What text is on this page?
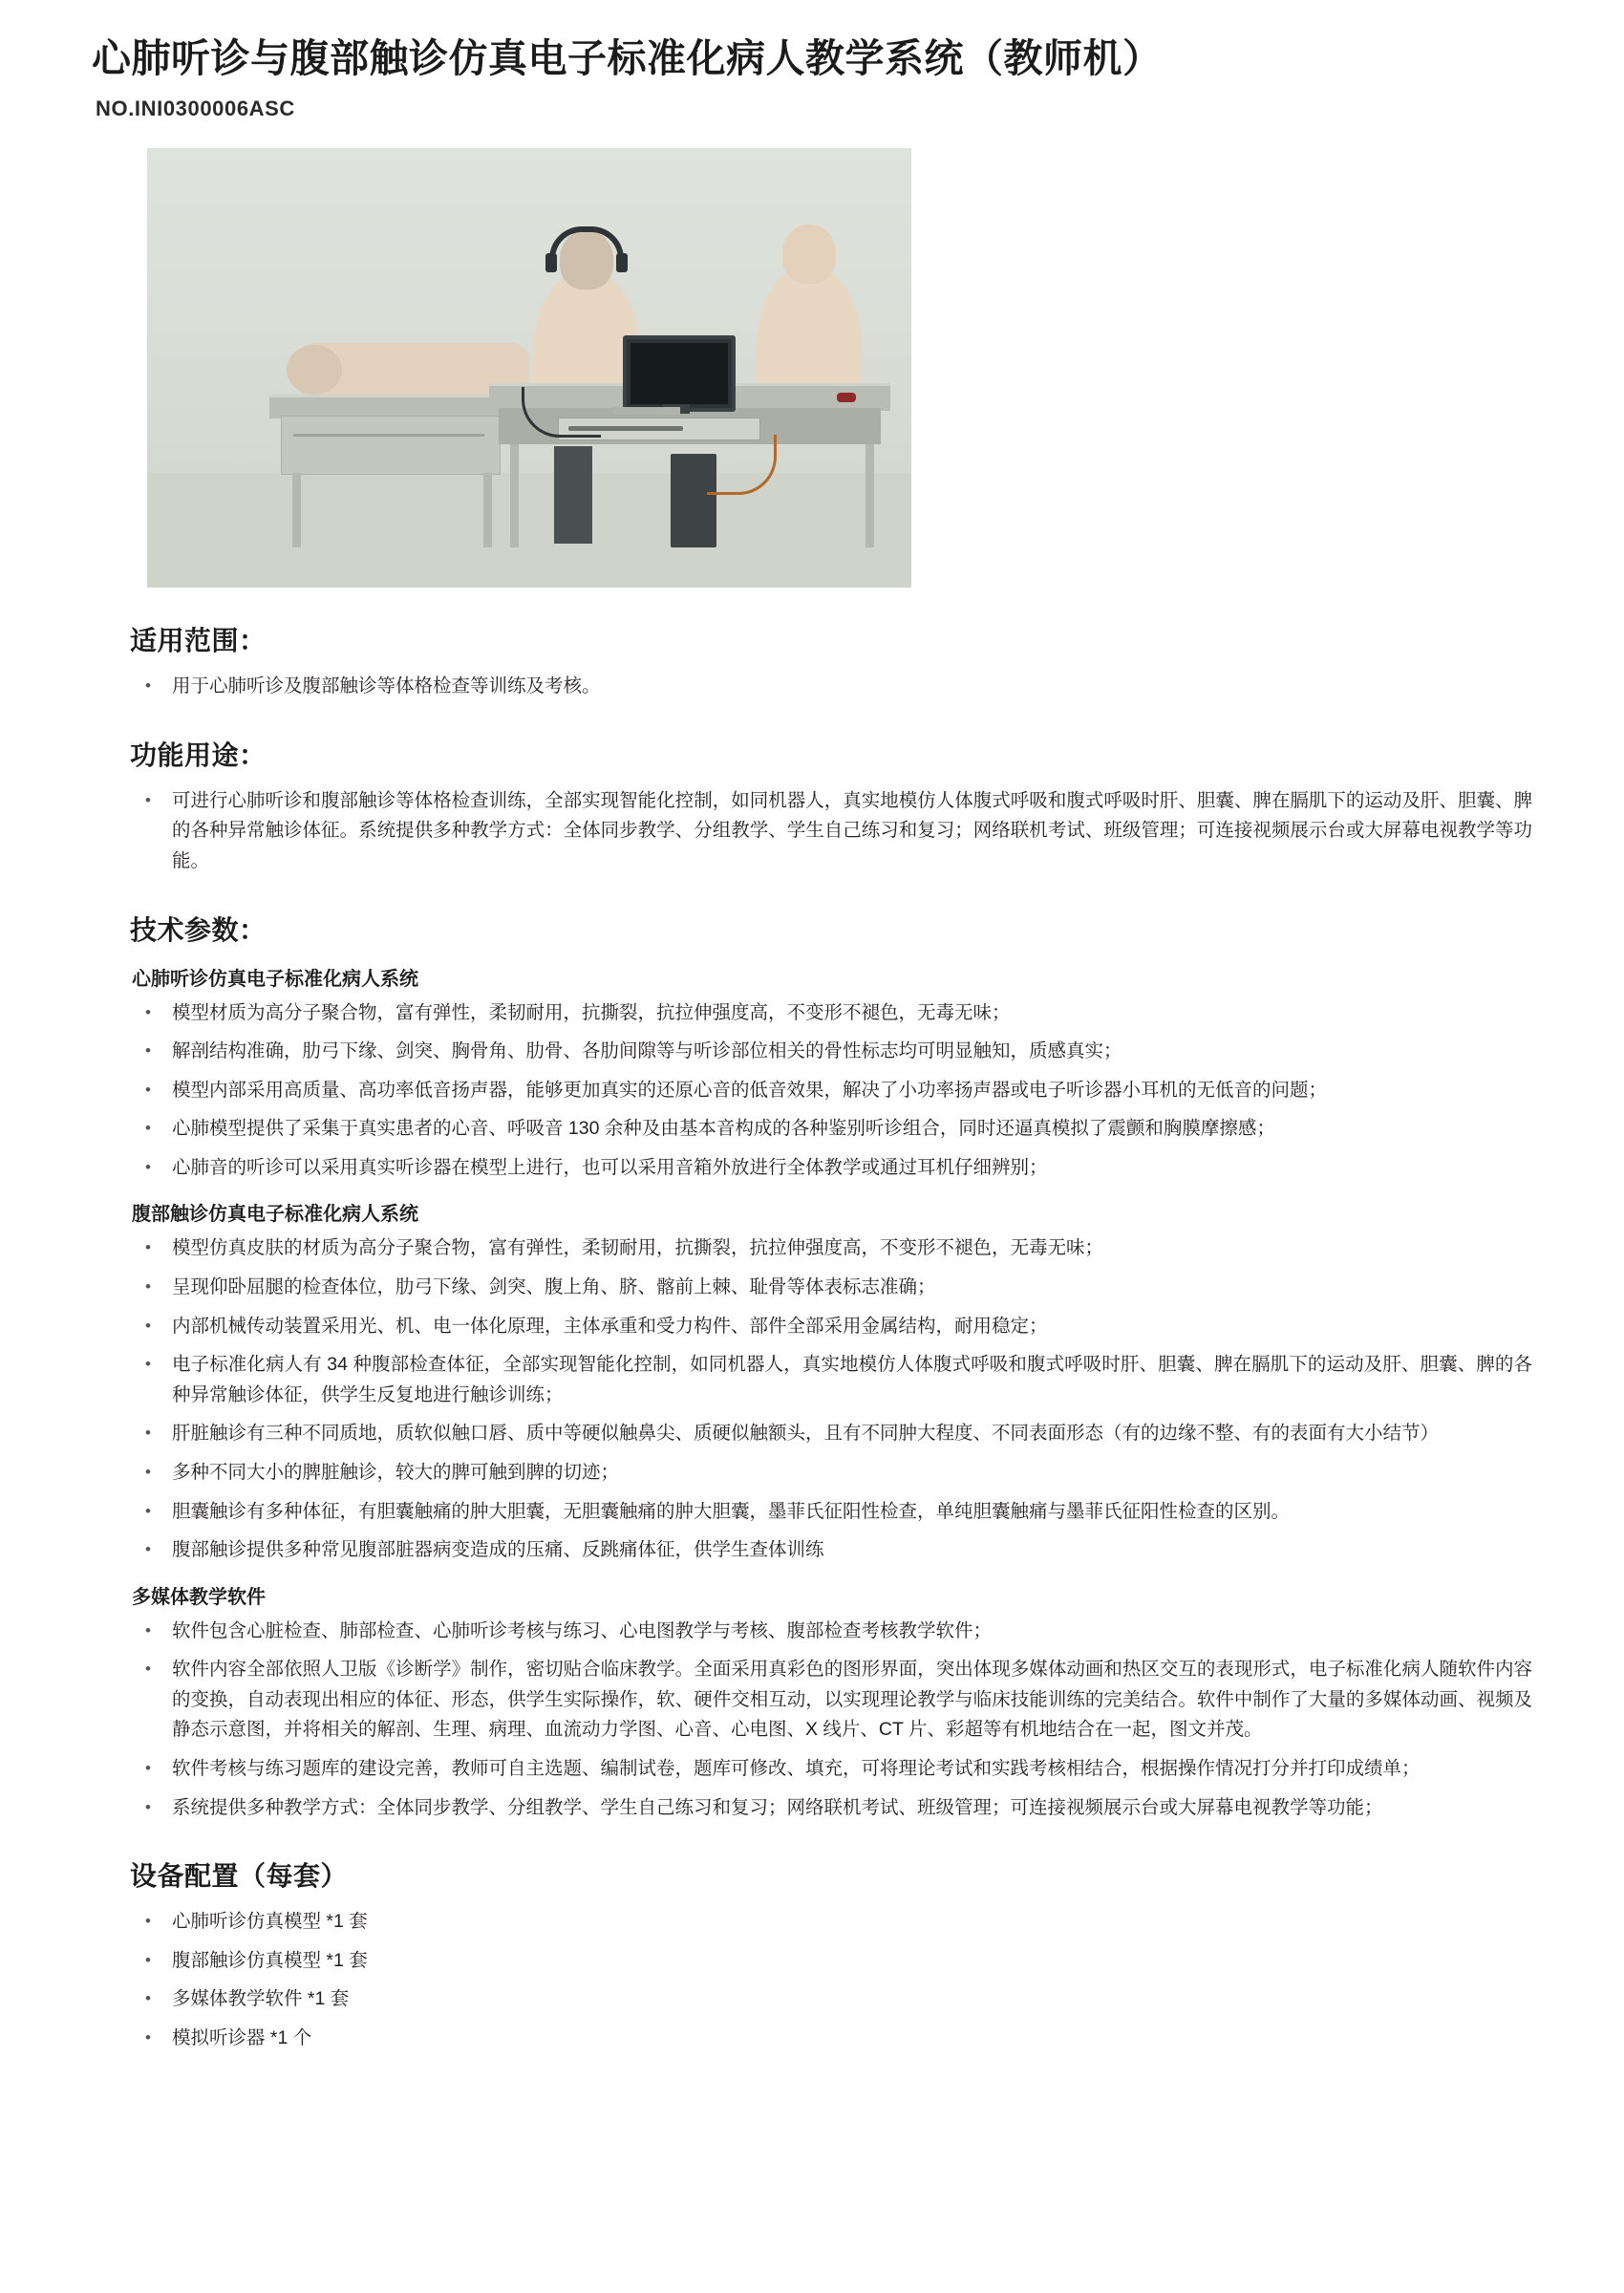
心肺听诊与腹部触诊仿真电子标准化病人教学系统（教师机）
NO.INI0300006ASC
适用范围：
• 用于心肺听诊及腹部触诊等体格检查等训练及考核。
功能用途：
• 可进行心肺听诊和腹部触诊等体格检查训练，全部实现智能化控制，如同机器人，真实地模仿人体腹式呼吸和腹式呼吸时肝、胆囊、脾在膈肌下的运动及肝、胆囊、脾的各种异常触诊体征。系统提供多种教学方式：全体同步教学、分组教学、学生自己练习和复习；网络联机考试、班级管理；可连接视频展示台或大屏幕电视教学等功能。
技术参数：
心肺听诊仿真电子标准化病人系统
• 模型材质为高分子聚合物，富有弹性，柔韧耐用，抗撕裂，抗拉伸强度高，不变形不褪色，无毒无味；
• 解剖结构准确，肋弓下缘、剑突、胸骨角、肋骨、各肋间隙等与听诊部位相关的骨性标志均可明显触知，质感真实；
• 模型内部采用高质量、高功率低音扬声器，能够更加真实的还原心音的低音效果，解决了小功率扬声器或电子听诊器小耳机的无低音的问题；
• 心肺模型提供了采集于真实患者的心音、呼吸音 130 余种及由基本音构成的各种鉴别听诊组合，同时还逼真模拟了震颤和胸膜摩擦感；
• 心肺音的听诊可以采用真实听诊器在模型上进行，也可以采用音箱外放进行全体教学或通过耳机仔细辨别；
腹部触诊仿真电子标准化病人系统
• 模型仿真皮肤的材质为高分子聚合物，富有弹性，柔韧耐用，抗撕裂，抗拉伸强度高，不变形不褪色，无毒无味；
• 呈现仰卧屈腿的检查体位，肋弓下缘、剑突、腹上角、脐、髂前上棘、耻骨等体表标志准确；
• 内部机械传动装置采用光、机、电一体化原理，主体承重和受力构件、部件全部采用金属结构，耐用稳定；
• 电子标准化病人有 34 种腹部检查体征，全部实现智能化控制，如同机器人，真实地模仿人体腹式呼吸和腹式呼吸时肝、胆囊、脾在膈肌下的运动及肝、胆囊、脾的各种异常触诊体征，供学生反复地进行触诊训练；
• 肝脏触诊有三种不同质地，质软似触口唇、质中等硬似触鼻尖、质硬似触额头，且有不同肿大程度、不同表面形态（有的边缘不整、有的表面有大小结节）
• 多种不同大小的脾脏触诊，较大的脾可触到脾的切迹；
• 胆囊触诊有多种体征，有胆囊触痛的肿大胆囊，无胆囊触痛的肿大胆囊，墨菲氏征阳性检查，单纯胆囊触痛与墨菲氏征阳性检查的区别。
• 腹部触诊提供多种常见腹部脏器病变造成的压痛、反跳痛体征，供学生查体训练
多媒体教学软件
• 软件包含心脏检查、肺部检查、心肺听诊考核与练习、心电图教学与考核、腹部检查考核教学软件；
• 软件内容全部依照人卫版《诊断学》制作，密切贴合临床教学。全面采用真彩色的图形界面，突出体现多媒体动画和热区交互的表现形式，电子标准化病人随软件内容的变换，自动表现出相应的体征、形态，供学生实际操作，软、硬件交相互动，以实现理论教学与临床技能训练的完美结合。软件中制作了大量的多媒体动画、视频及静态示意图，并将相关的解剖、生理、病理、血流动力学图、心音、心电图、X 线片、CT 片、彩超等有机地结合在一起，图文并茂。
• 软件考核与练习题库的建设完善，教师可自主选题、编制试卷，题库可修改、填充，可将理论考试和实践考核相结合，根据操作情况打分并打印成绩单；
• 系统提供多种教学方式：全体同步教学、分组教学、学生自己练习和复习；网络联机考试、班级管理；可连接视频展示台或大屏幕电视教学等功能；
设备配置（每套）
• 心肺听诊仿真模型 *1 套
• 腹部触诊仿真模型 *1 套
• 多媒体教学软件 *1 套
• 模拟听诊器 *1 个
